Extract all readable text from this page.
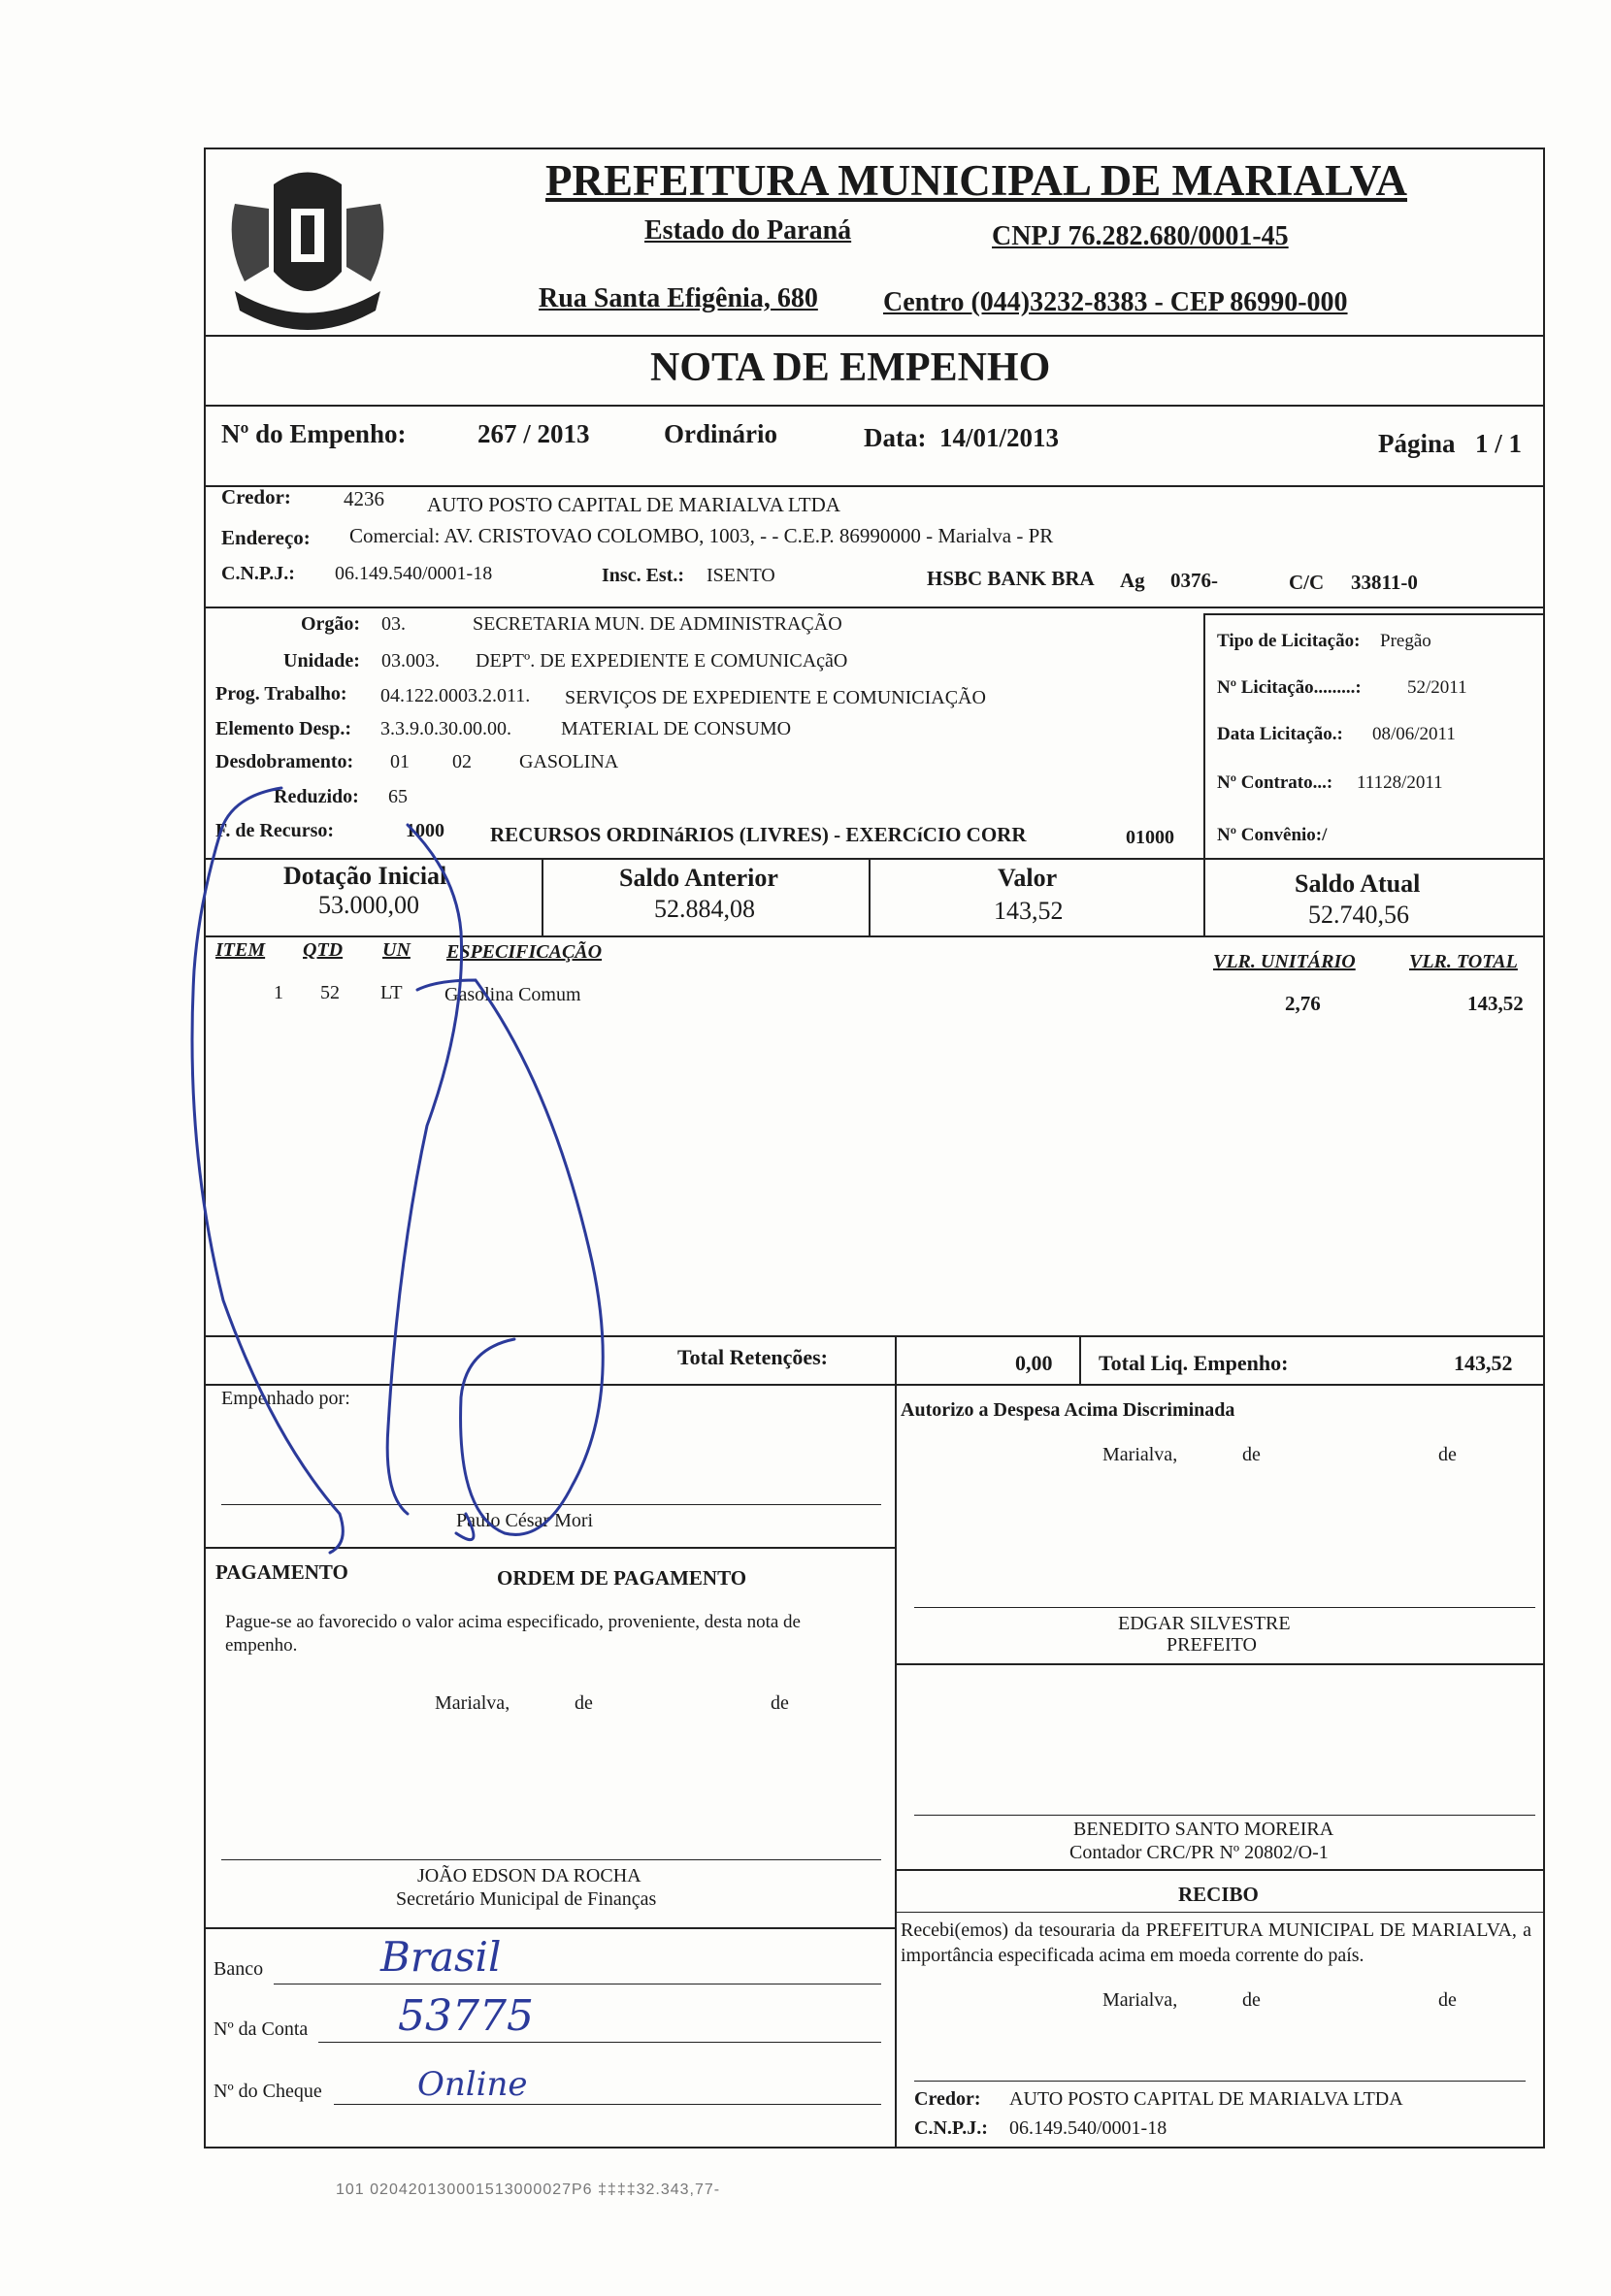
PREFEITURA MUNICIPAL DE MARIALVA
Estado do Paraná	CNPJ 76.282.680/0001-45
Rua Santa Efigênia, 680 Centro (044)3232-8383 - CEP 86990-000
NOTA DE EMPENHO
Nº do Empenho:	267 / 2013	Ordinário	Data: 14/01/2013	Página 1 / 1
Credor:	4236 AUTO POSTO CAPITAL DE MARIALVA LTDA
Endereço: Comercial: AV. CRISTOVAO COLOMBO, 1003, - - C.E.P. 86990000 - Marialva - PR
C.N.P.J.: 06.149.540/0001-18	Insc. Est.: ISENTO	HSBC BANK BRA Ag 0376-	C/C 33811-0
Orgão: 03.	SECRETARIA MUN. DE ADMINISTRAÇÃO
Unidade: 03.003. DEPTº. DE EXPEDIENTE E COMUNICAçãO
Prog. Trabalho: 04.122.0003.2.011. SERVIÇOS DE EXPEDIENTE E COMUNICIAÇÃO
Elemento Desp.: 3.3.9.0.30.00.00.	MATERIAL DE CONSUMO
Desdobramento: 01 02 GASOLINA
Reduzido: 65
F. de Recurso:	1000 RECURSOS ORDINáRIOS (LIVRES) - EXERCíCIO CORR	01000
Tipo de Licitação: Pregão
Nº Licitação.........: 52/2011
Data Licitação.: 08/06/2011
Nº Contrato...: 11128/2011
Nº Convênio:/
Dotação Inicial
53.000,00
Saldo Anterior
52.884,08
Valor
143,52
Saldo Atual
52.740,56
ITEM QTD UN ESPECIFICAÇÃO	VLR. UNITÁRIO	VLR. TOTAL
1 52 LT Gasolina Comum	2,76	143,52
Total Retenções:	0,00 Total Liq. Empenho:	143,52
Empenhado por:
Paulo César Mori
Autorizo a Despesa Acima Discriminada
Marialva,	de	de
EDGAR SILVESTRE
PREFEITO
BENEDITO SANTO MOREIRA
Contador CRC/PR Nº 20802/O-1
PAGAMENTO	ORDEM DE PAGAMENTO
Pague-se ao favorecido o valor acima especificado, proveniente, desta nota de empenho.
Marialva,	de	de
JOÃO EDSON DA ROCHA
Secretário Municipal de Finanças
Banco	Brasil
Nº da Conta 53775
Nº do Cheque	Online
RECIBO
Recebi(emos) da tesouraria da PREFEITURA MUNICIPAL DE MARIALVA, a importância especificada acima em moeda corrente do país.
Marialva,	de	de
Credor: AUTO POSTO CAPITAL DE MARIALVA LTDA
C.N.P.J.: 06.149.540/0001-18
101 020420130001513000027P6 ‡‡‡‡32.343,77-
